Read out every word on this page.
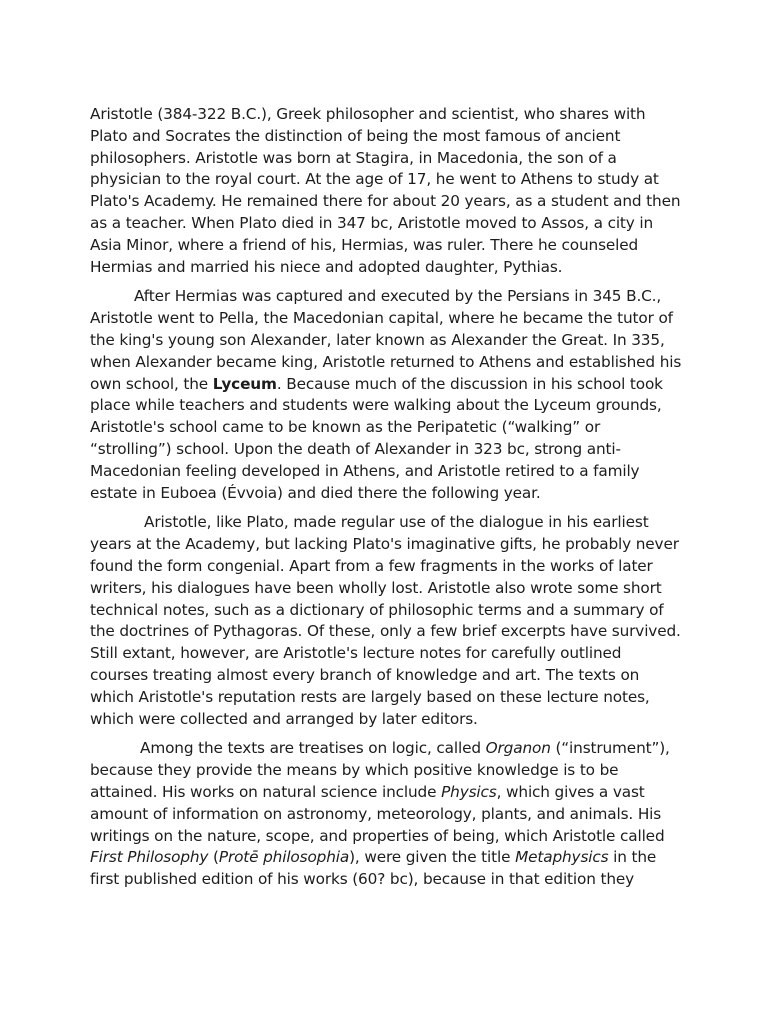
Aristotle (384-322 B.C.), Greek philosopher and scientist, who shares with Plato and Socrates the distinction of being the most famous of ancient philosophers. Aristotle was born at Stagira, in Macedonia, the son of a physician to the royal court. At the age of 17, he went to Athens to study at Plato's Academy. He remained there for about 20 years, as a student and then as a teacher. When Plato died in 347 bc, Aristotle moved to Assos, a city in Asia Minor, where a friend of his, Hermias, was ruler. There he counseled Hermias and married his niece and adopted daughter, Pythias.

After Hermias was captured and executed by the Persians in 345 B.C., Aristotle went to Pella, the Macedonian capital, where he became the tutor of the king's young son Alexander, later known as Alexander the Great. In 335, when Alexander became king, Aristotle returned to Athens and established his own school, the Lyceum. Because much of the discussion in his school took place while teachers and students were walking about the Lyceum grounds, Aristotle's school came to be known as the Peripatetic (“walking” or “strolling”) school. Upon the death of Alexander in 323 bc, strong anti-Macedonian feeling developed in Athens, and Aristotle retired to a family estate in Euboea (Évvoia) and died there the following year.

Aristotle, like Plato, made regular use of the dialogue in his earliest years at the Academy, but lacking Plato's imaginative gifts, he probably never found the form congenial. Apart from a few fragments in the works of later writers, his dialogues have been wholly lost. Aristotle also wrote some short technical notes, such as a dictionary of philosophic terms and a summary of the doctrines of Pythagoras. Of these, only a few brief excerpts have survived. Still extant, however, are Aristotle's lecture notes for carefully outlined courses treating almost every branch of knowledge and art. The texts on which Aristotle's reputation rests are largely based on these lecture notes, which were collected and arranged by later editors.

Among the texts are treatises on logic, called Organon (“instrument”), because they provide the means by which positive knowledge is to be attained. His works on natural science include Physics, which gives a vast amount of information on astronomy, meteorology, plants, and animals. His writings on the nature, scope, and properties of being, which Aristotle called First Philosophy (Protē philosophia), were given the title Metaphysics in the first published edition of his works (60? bc), because in that edition they
